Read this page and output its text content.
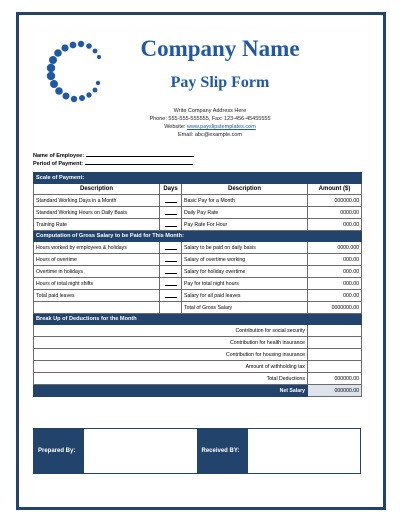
Company Name
Pay Slip Form
Write Company Address Here
Phone: 555-555-555555, Fax: 123-456-45455555
Website: www.payslipstemplates.com
Email: abc@example.com
Name of Employee:
Period of Payment:
Scale of Payment:			
Description	Days	Description	Amount ($)
Standard Working Days in a Month		Basic Pay for a Month	000000.00
Standard Working Hours on Daily Basis		Daily Pay Rate	0000.00
Training Rate		Pay Rate For Hour	000.00
Computation of Gross Salary to be Paid for This Month:			
Hours worked by employees & holidays		Salary to be paid on daily basis	0000.000
Hours of overtime		Salary of overtime working	000.00
Overtime in holidays		Salary for holiday overtime	000.00
Hours of total night shifts		Pay for total night hours	000.00
Total paid leaves		Salary for all paid leaves	000.00
		Total of Gross Salary	0000000.00
Break Up of Deductions for the Month			
Contribution for social security			
Contribution for health insurance			
Contribution for housing insurance			
Amount of withholding tax			
Total Deductions			000000.00
Net Salary			000000.00
Prepared By:	Received BY:
